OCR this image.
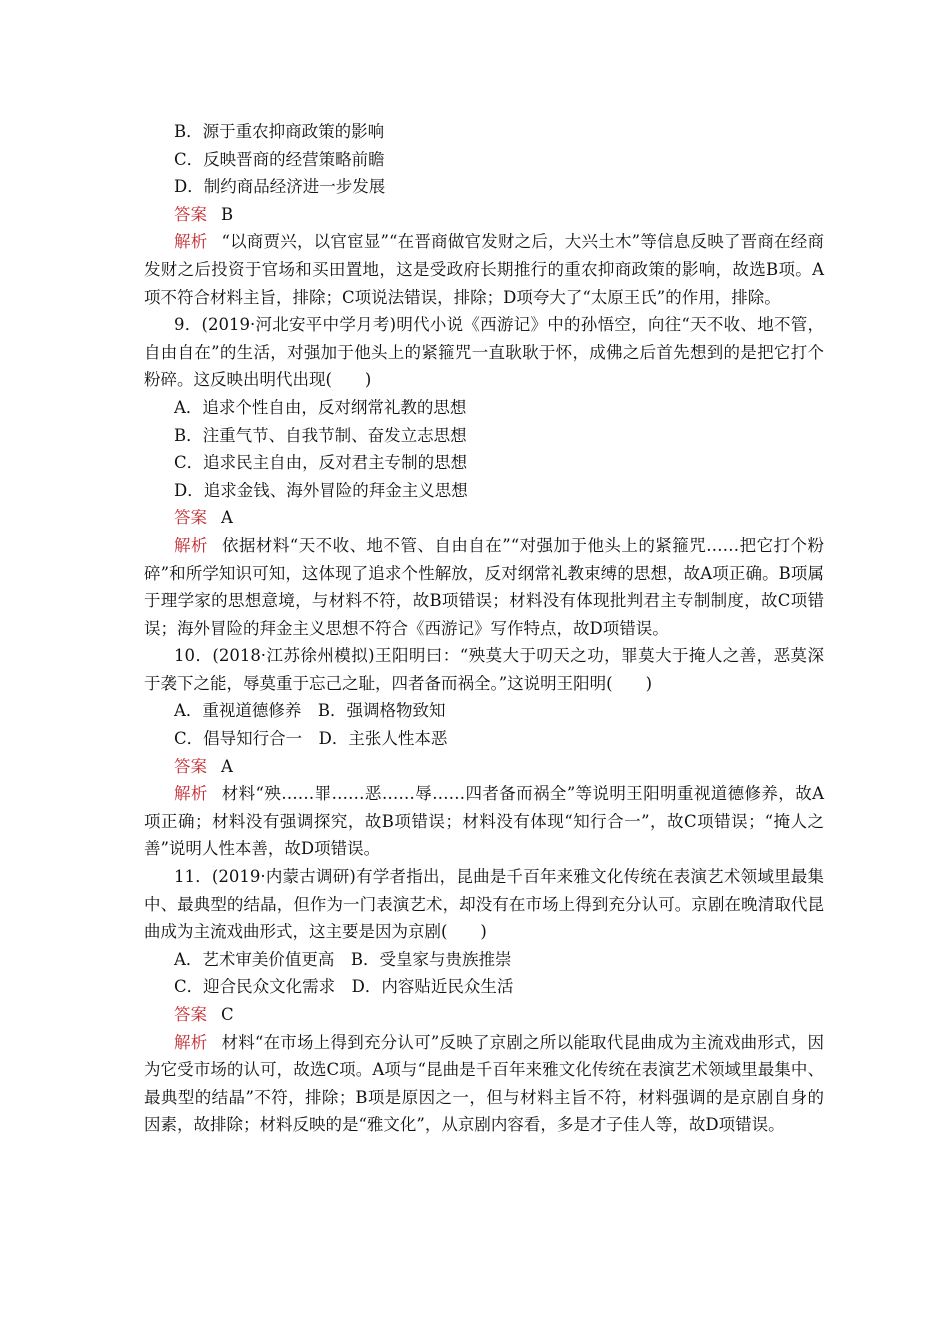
B．源于重农抑商政策的影响
C．反映晋商的经营策略前瞻
D．制约商品经济进一步发展
答案 B
解析 “以商贾兴，以官宦显”“在晋商做官发财之后，大兴土木”等信息反映了晋商在经商发财之后投资于官场和买田置地，这是受政府长期推行的重农抑商政策的影响，故选B项。A项不符合材料主旨，排除；C项说法错误，排除；D项夸大了“太原王氏”的作用，排除。
9．(2019·河北安平中学月考)明代小说《西游记》中的孙悟空，向往“天不收、地不管，自由自在”的生活，对强加于他头上的紧箍咒一直耿耿于怀，成佛之后首先想到的是把它打个粉碎。这反映出明代出现(　　)
A．追求个性自由，反对纲常礼教的思想
B．注重气节、自我节制、奋发立志思想
C．追求民主自由，反对君主专制的思想
D．追求金钱、海外冒险的拜金主义思想
答案 A
解析 依据材料“天不收、地不管、自由自在”“对强加于他头上的紧箍咒……把它打个粉碎”和所学知识可知，这体现了追求个性解放，反对纲常礼教束缚的思想，故A项正确。B项属于理学家的思想意境，与材料不符，故B项错误；材料没有体现批判君主专制制度，故C项错误；海外冒险的拜金主义思想不符合《西游记》写作特点，故D项错误。
10．(2018·江苏徐州模拟)王阳明曰：“殃莫大于叨天之功，罪莫大于掩人之善，恶莫深于袭下之能，辱莫重于忘己之耻，四者备而祸全。”这说明王阳明(　　)
A．重视道德修养　B．强调格物致知
C．倡导知行合一　D．主张人性本恶
答案 A
解析 材料“殃……罪……恶……辱……四者备而祸全”等说明王阳明重视道德修养，故A项正确；材料没有强调探究，故B项错误；材料没有体现“知行合一”，故C项错误；“掩人之善”说明人性本善，故D项错误。
11．(2019·内蒙古调研)有学者指出，昆曲是千百年来雅文化传统在表演艺术领域里最集中、最典型的结晶，但作为一门表演艺术，却没有在市场上得到充分认可。京剧在晚清取代昆曲成为主流戏曲形式，这主要是因为京剧(　　)
A．艺术审美价值更高　B．受皇家与贵族推崇
C．迎合民众文化需求　D．内容贴近民众生活
答案 C
解析 材料“在市场上得到充分认可”反映了京剧之所以能取代昆曲成为主流戏曲形式，因为它受市场的认可，故选C项。A项与“昆曲是千百年来雅文化传统在表演艺术领域里最集中、最典型的结晶”不符，排除；B项是原因之一，但与材料主旨不符，材料强调的是京剧自身的因素，故排除；材料反映的是“雅文化”，从京剧内容看，多是才子佳人等，故D项错误。
